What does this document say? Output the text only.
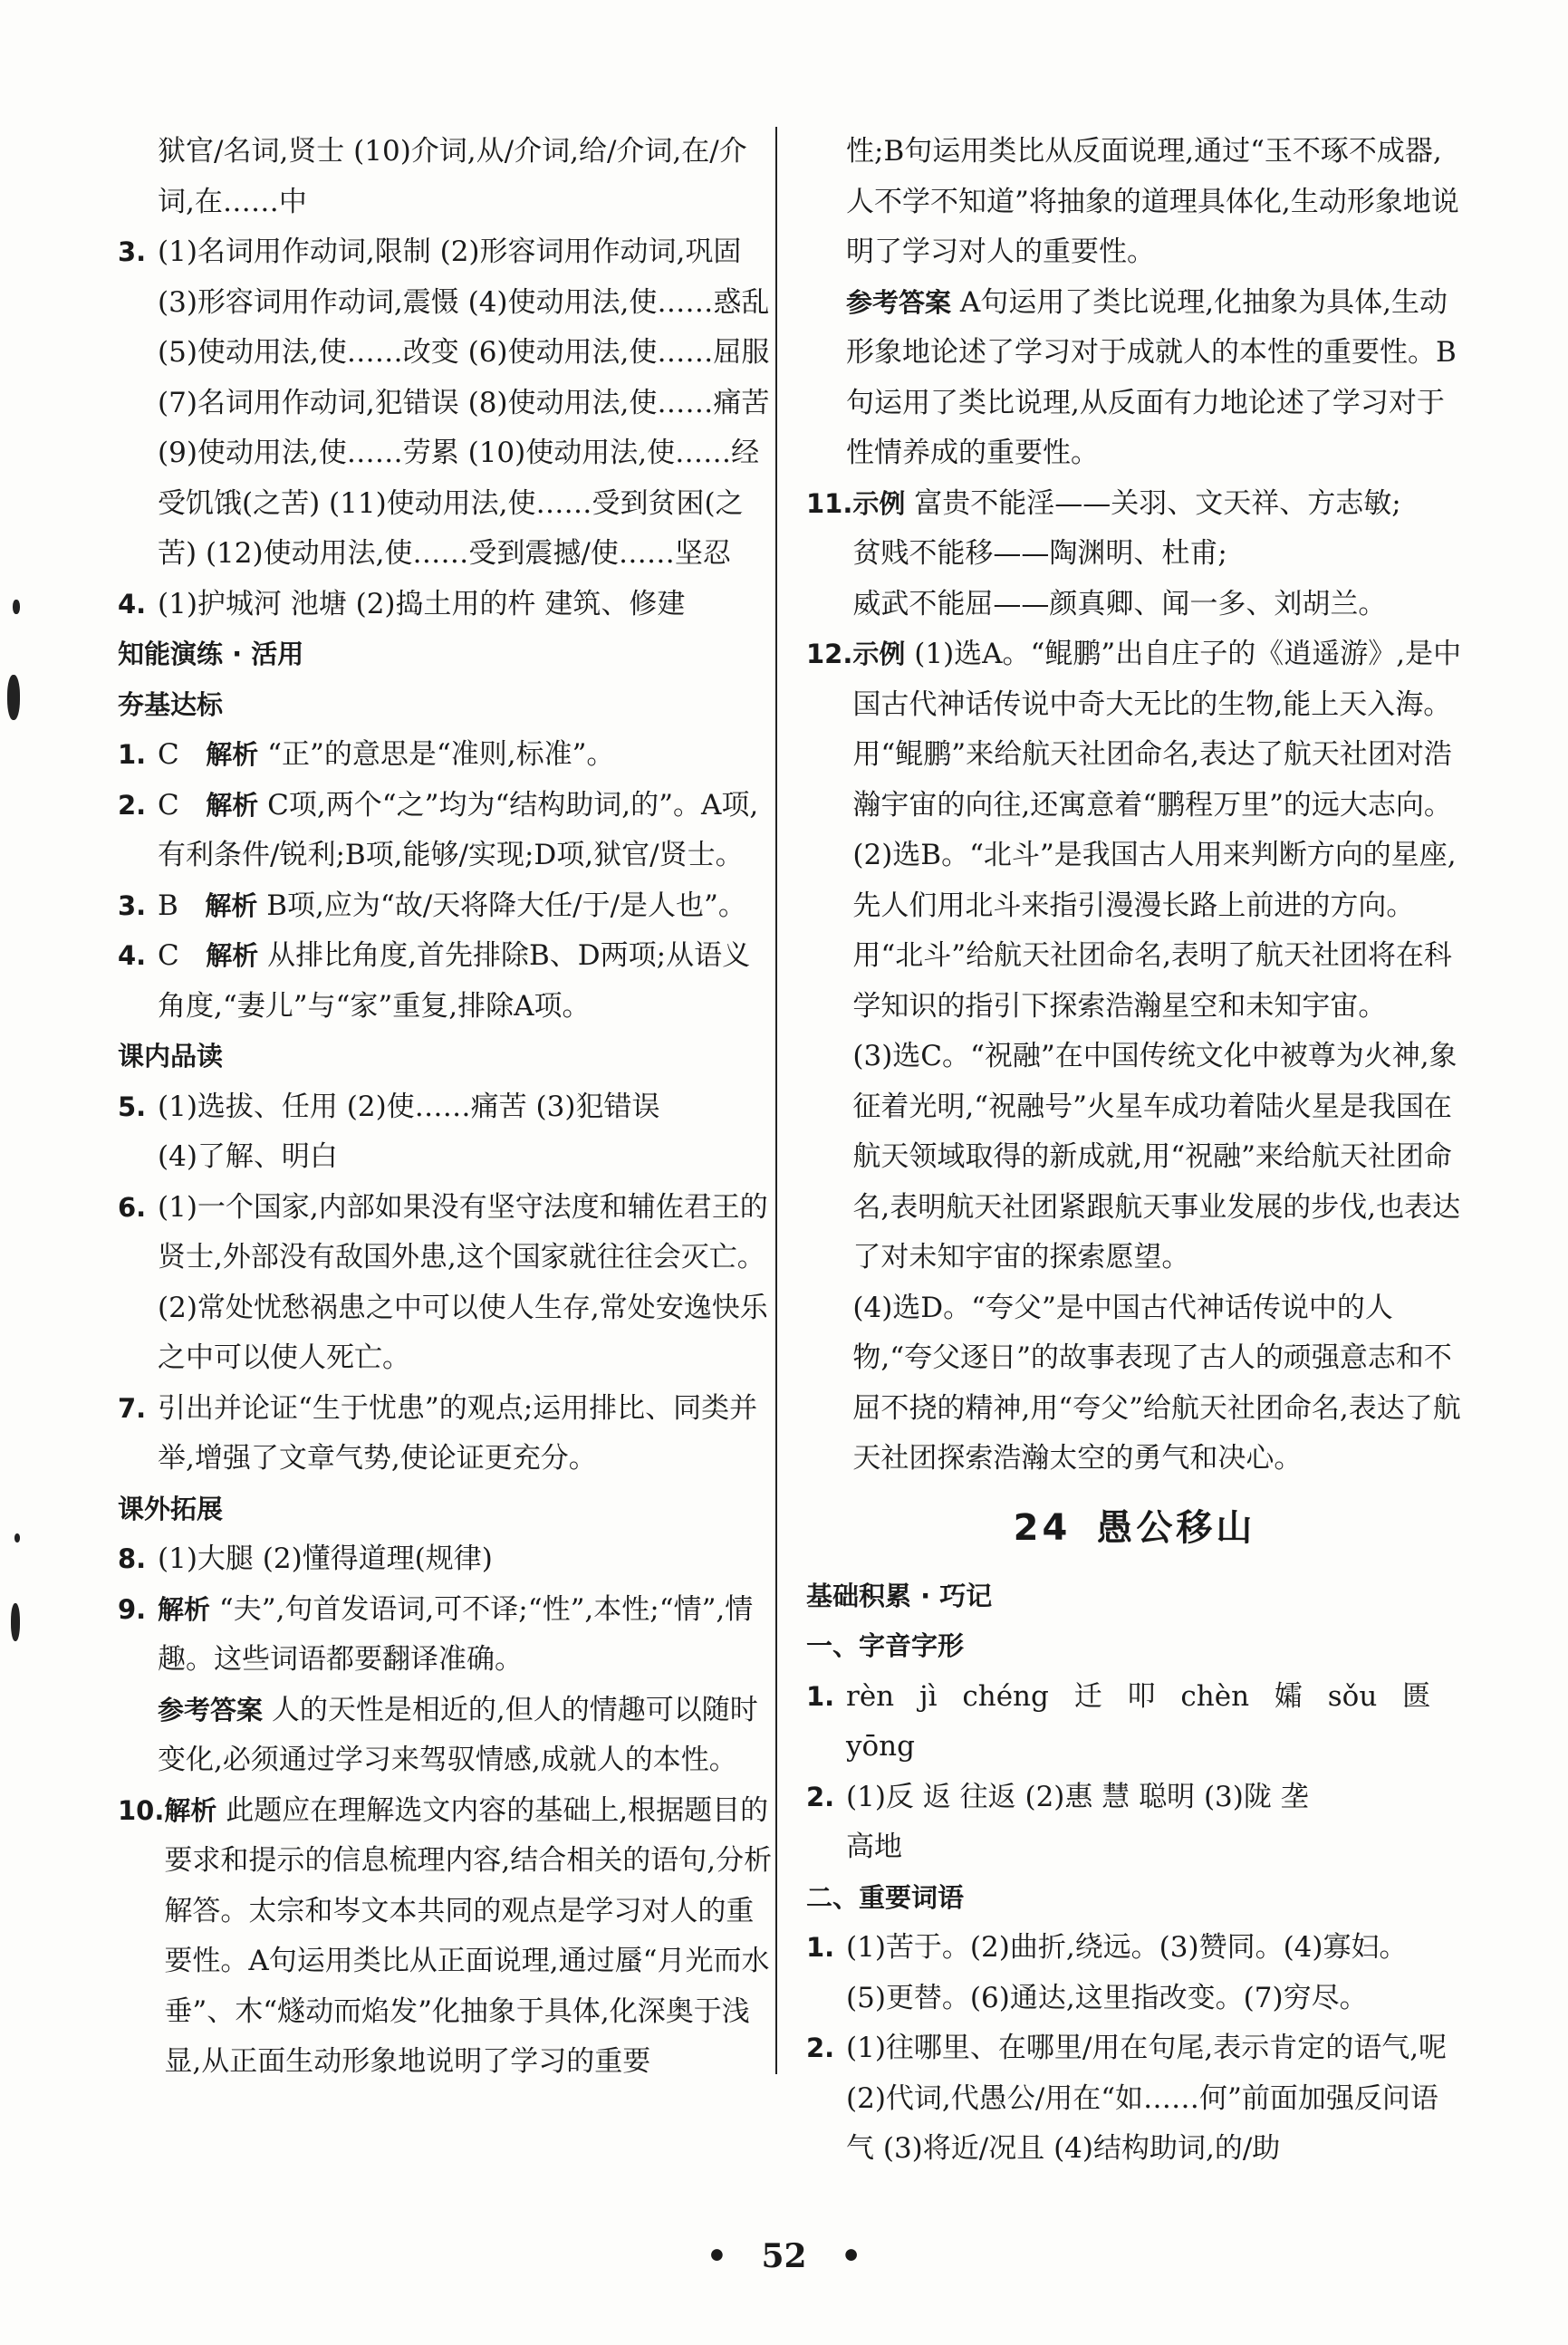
狱官/名词,贤士 (10)介词,从/介词,给/介词,在/介词,在……中
3. (1)名词用作动词,限制 (2)形容词用作动词,巩固 (3)形容词用作动词,震慑 (4)使动用法,使……惑乱 (5)使动用法,使……改变 (6)使动用法,使……屈服 (7)名词用作动词,犯错误 (8)使动用法,使……痛苦 (9)使动用法,使……劳累 (10)使动用法,使……经受饥饿(之苦) (11)使动用法,使……受到贫困(之苦) (12)使动用法,使……受到震撼/使……坚忍
4. (1)护城河 池塘 (2)捣土用的杵 建筑、修建
知能演练 · 活用
夯基达标
1. C 解析 “正”的意思是“准则,标准”。
2. C 解析 C项,两个“之”均为“结构助词,的”。A项,有利条件/锐利;B项,能够/实现;D项,狱官/贤士。
3. B 解析 B项,应为“故/天将降大任/于/是人也”。
4. C 解析 从排比角度,首先排除B、D两项;从语义角度,“妻儿”与“家”重复,排除A项。
课内品读
5. (1)选拔、任用 (2)使……痛苦 (3)犯错误
(4)了解、明白
6. (1)一个国家,内部如果没有坚守法度和辅佐君王的贤士,外部没有敌国外患,这个国家就往往会灭亡。
(2)常处忧愁祸患之中可以使人生存,常处安逸快乐之中可以使人死亡。
7. 引出并论证“生于忧患”的观点;运用排比、同类并举,增强了文章气势,使论证更充分。
课外拓展
8. (1)大腿 (2)懂得道理(规律)
9. 解析 “夫”,句首发语词,可不译;“性”,本性;“情”,情趣。这些词语都要翻译准确。
参考答案 人的天性是相近的,但人的情趣可以随时变化,必须通过学习来驾驭情感,成就人的本性。
10. 解析 此题应在理解选文内容的基础上,根据题目的要求和提示的信息梳理内容,结合相关的语句,分析解答。太宗和岑文本共同的观点是学习对人的重要性。A句运用类比从正面说理,通过蜃“月光而水垂”、木“燧动而焰发”化抽象于具体,化深奥于浅显,从正面生动形象地说明了学习的重要
性;B句运用类比从反面说理,通过“玉不琢不成器,人不学不知道”将抽象的道理具体化,生动形象地说明了学习对人的重要性。
参考答案 A句运用了类比说理,化抽象为具体,生动形象地论述了学习对于成就人的本性的重要性。B句运用了类比说理,从反面有力地论述了学习对于性情养成的重要性。
11. 示例 富贵不能淫——关羽、文天祥、方志敏;
贫贱不能移——陶渊明、杜甫;
威武不能屈——颜真卿、闻一多、刘胡兰。
12. 示例 (1)选A。“鲲鹏”出自庄子的《逍遥游》,是中国古代神话传说中奇大无比的生物,能上天入海。用“鲲鹏”来给航天社团命名,表达了航天社团对浩瀚宇宙的向往,还寓意着“鹏程万里”的远大志向。
(2)选B。“北斗”是我国古人用来判断方向的星座,先人们用北斗来指引漫漫长路上前进的方向。用“北斗”给航天社团命名,表明了航天社团将在科学知识的指引下探索浩瀚星空和未知宇宙。
(3)选C。“祝融”在中国传统文化中被尊为火神,象征着光明,“祝融号”火星车成功着陆火星是我国在航天领域取得的新成就,用“祝融”来给航天社团命名,表明航天社团紧跟航天事业发展的步伐,也表达了对未知宇宙的探索愿望。
(4)选D。“夸父”是中国古代神话传说中的人物,“夸父逐日”的故事表现了古人的顽强意志和不屈不挠的精神,用“夸父”给航天社团命名,表达了航天社团探索浩瀚太空的勇气和决心。
24 愚公移山
基础积累 · 巧记
一、字音字形
1. rèn jì chéng 迁 叩 chèn 孀 sǒu 匮
yōng
2. (1)反 返 往返 (2)惠 慧 聪明 (3)陇 垄
高地
二、重要词语
1. (1)苦于。(2)曲折,绕远。(3)赞同。(4)寡妇。
(5)更替。(6)通达,这里指改变。(7)穷尽。
2. (1)往哪里、在哪里/用在句尾,表示肯定的语气,呢 (2)代词,代愚公/用在“如……何”前面加强反问语气 (3)将近/况且 (4)结构助词,的/助
• 52 •
